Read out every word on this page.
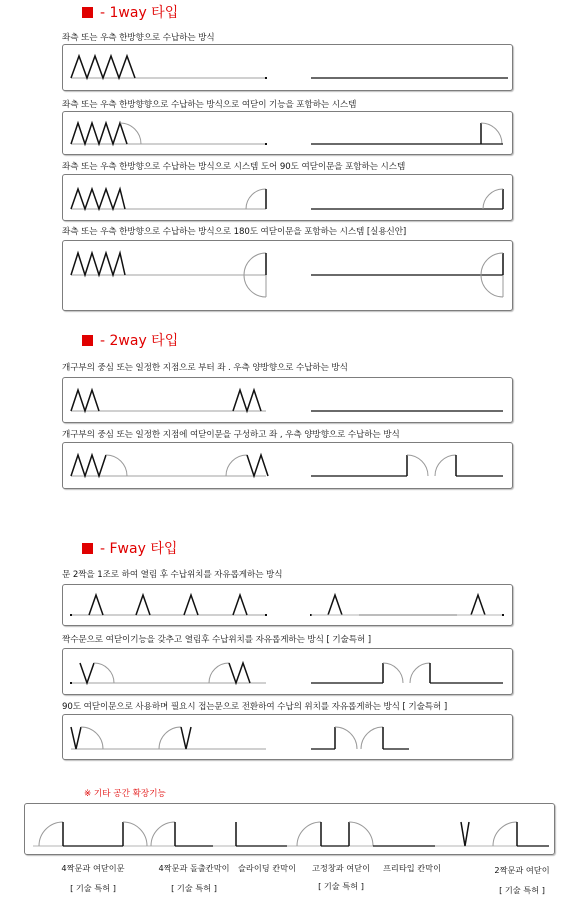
- 1way 타입
- 2way 타입
- Fway 타입
좌측 또는 우측 한방향으로 수납하는 방식
좌측 또는 우측 한방향향으로 수납하는 방식으로 여닫이 기능을 포함하는 시스템
좌측 또는 우측 한방향으로 수납하는 방식으로 시스템 도어 90도 여닫이문을 포함하는 시스템
좌측 또는 우측 한방향으로 수납하는 방식으로 180도 여닫이문을 포함하는 시스템 [실용신안]
개구부의 중심 또는 일정한 지점으로 부터 좌 . 우측 양방향으로 수납하는 방식
개구부의 중심 또는 일정한 지점에 여닫이문을 구성하고 좌 , 우측 양방향으로 수납하는 방식
문 2짝을 1조로 하여 열림 후 수납위치를 자유롭게하는 방식
짝수문으로 여닫이기능을 갖추고 열림후 수납위치를 자유롭게하는 방식 [ 기술특허 ]
90도 여닫이문으로 사용하며 필요시 접는문으로 전환하여 수납의 위치를 자유롭게하는 방식 [ 기술특허 ]
※ 기타 공간 확장기능
4짝문과 여닫이문
[ 기술 특허 ]
4짝문과 돌출칸막이
[ 기술 특허 ]
슬라이딩 칸막이 고정창과 여닫이
[ 기술 특허 ]
프리타입 칸막이	2짝문과 여닫이
[ 기술 특허 ]
